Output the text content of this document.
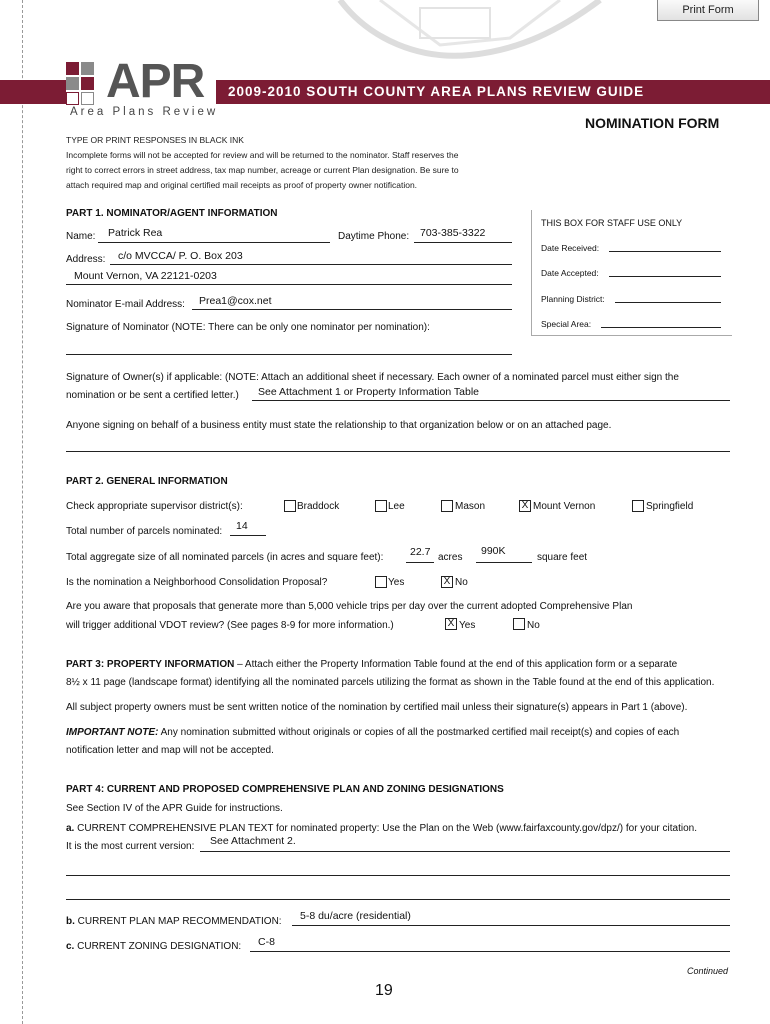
Print Form
2009-2010 SOUTH COUNTY AREA PLANS REVIEW GUIDE
APR
Area Plans Review
NOMINATION FORM
TYPE OR PRINT RESPONSES IN BLACK INK
Incomplete forms will not be accepted for review and will be returned to the nominator. Staff reserves the
right to correct errors in street address, tax map number, acreage or current Plan designation. Be sure to
attach required map and original certified mail receipts as proof of property owner notification.
PART 1. NOMINATOR/AGENT INFORMATION
Name: Patrick Rea	Daytime Phone: 703-385-3322
Address: c/o MVCCA/ P. O. Box 203
Mount Vernon, VA 22121-0203
Nominator E-mail Address: Prea1@cox.net
Signature of Nominator (NOTE: There can be only one nominator per nomination):
THIS BOX FOR STAFF USE ONLY
Date Received:
Date Accepted:
Planning District:
Special Area:
Signature of Owner(s) if applicable: (NOTE: Attach an additional sheet if necessary. Each owner of a nominated parcel must either sign the
nomination or be sent a certified letter.) See Attachment 1 or Property Information Table
Anyone signing on behalf of a business entity must state the relationship to that organization below or on an attached page.
PART 2. GENERAL INFORMATION
Check appropriate supervisor district(s):	Braddock	Lee	Mason	X Mount Vernon	Springfield
Total number of parcels nominated: 14
Total aggregate size of all nominated parcels (in acres and square feet):	22.7 acres
990K
square feet
Is the nomination a Neighborhood Consolidation Proposal?	Yes	X No
Are you aware that proposals that generate more than 5,000 vehicle trips per day over the current adopted Comprehensive Plan
will trigger additional VDOT review? (See pages 8-9 for more information.)	X Yes	No
PART 3: PROPERTY INFORMATION – Attach either the Property Information Table found at the end of this application form or a separate
8½ x 11 page (landscape format) identifying all the nominated parcels utilizing the format as shown in the Table found at the end of this application.
All subject property owners must be sent written notice of the nomination by certified mail unless their signature(s) appears in Part 1 (above).
IMPORTANT NOTE: Any nomination submitted without originals or copies of all the postmarked certified mail receipt(s) and copies of each
notification letter and map will not be accepted.
PART 4: CURRENT AND PROPOSED COMPREHENSIVE PLAN AND ZONING DESIGNATIONS
See Section IV of the APR Guide for instructions.
a. CURRENT COMPREHENSIVE PLAN TEXT for nominated property: Use the Plan on the Web (www.fairfaxcounty.gov/dpz/) for your citation.
It is the most current version: See Attachment 2.
b. CURRENT PLAN MAP RECOMMENDATION: 5-8 du/acre (residential)
c. CURRENT ZONING DESIGNATION: C-8
Continued
19
